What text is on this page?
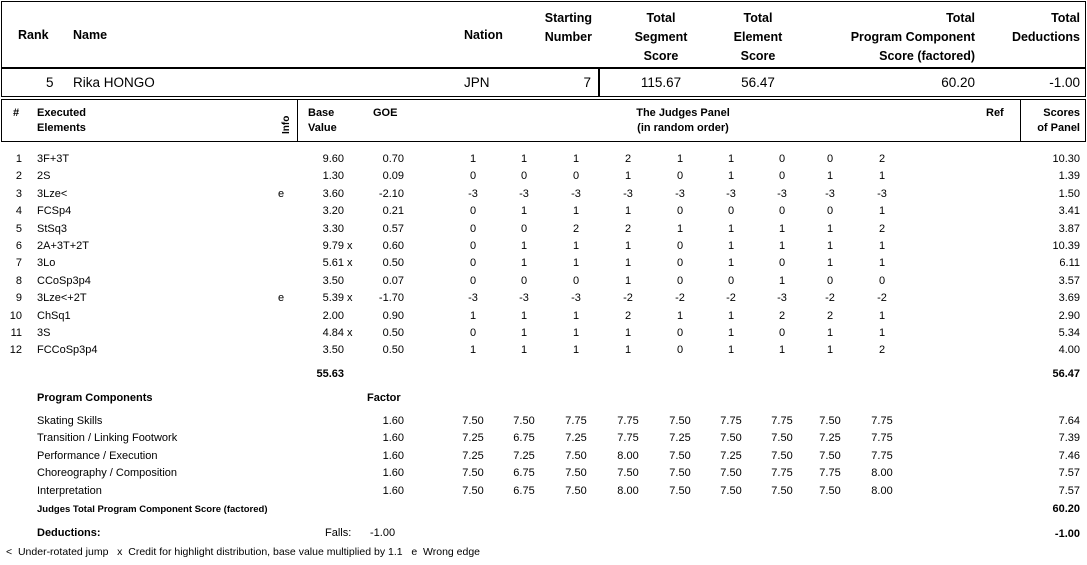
Rank Name	Nation
Starting
Number
Total
Segment
Score
Total
Element
Score
Total
Program Component
Score (factored)
Total
Deductions
5 Rika HONGO	JPN	7	115.67	56.47	60.20	-1.00
# Executed
Elements	Info
Base
Value
GOE	The Judges Panel
(in random order)
Ref	Scores
of Panel
1 3F+3T	9.60	0.70	1	1	1	2	1	1	0	0	2	10.30
2 2S	1.30	0.09	0	0	0	1	0	1	0	1	1	1.39
3 3Lze<	e	3.60	-2.10	-3	-3	-3	-3	-3	-3	-3	-3	-3	1.50
4 FCSp4	3.20	0.21	0	1	1	1	0	0	0	0	1	3.41
5 StSq3	3.30	0.57	0	0	2	2	1	1	1	1	2	3.87
6 2A+3T+2T	9.79 x	0.60	0	1	1	1	0	1	1	1	1	10.39
7 3Lo	5.61 x	0.50	0	1	1	1	0	1	0	1	1	6.11
8 CCoSp3p4	3.50	0.07	0	0	0	1	0	0	1	0	0	3.57
9 3Lze<+2T	e	5.39 x	-1.70	-3	-3	-3	-2	-2	-2	-3	-2	-2	3.69
10 ChSq1	2.00	0.90	1	1	1	2	1	1	2	2	1	2.90
11 3S	4.84 x	0.50	0	1	1	1	0	1	0	1	1	5.34
12 FCCoSp3p4	3.50	0.50	1	1	1	1	0	1	1	1	2	4.00
55.63	56.47
Program Components	Factor
Skating Skills	1.60	7.50	7.50	7.75	7.75	7.50	7.75	7.75	7.50	7.75	7.64
Transition / Linking Footwork	1.60	7.25	6.75	7.25	7.75	7.25	7.50	7.50	7.25	7.75	7.39
Performance / Execution	1.60	7.25	7.25	7.50	8.00	7.50	7.25	7.50	7.50	7.75	7.46
Choreography / Composition	1.60	7.50	6.75	7.50	7.50	7.50	7.50	7.75	7.75	8.00	7.57
Interpretation	1.60	7.50	6.75	7.50	8.00	7.50	7.50	7.50	7.50	8.00	7.57
Judges Total Program Component Score (factored)	60.20
Deductions:	Falls: -1.00	-1.00
<  Under-rotated jump   x  Credit for highlight distribution, base value multiplied by 1.1   e  Wrong edge
